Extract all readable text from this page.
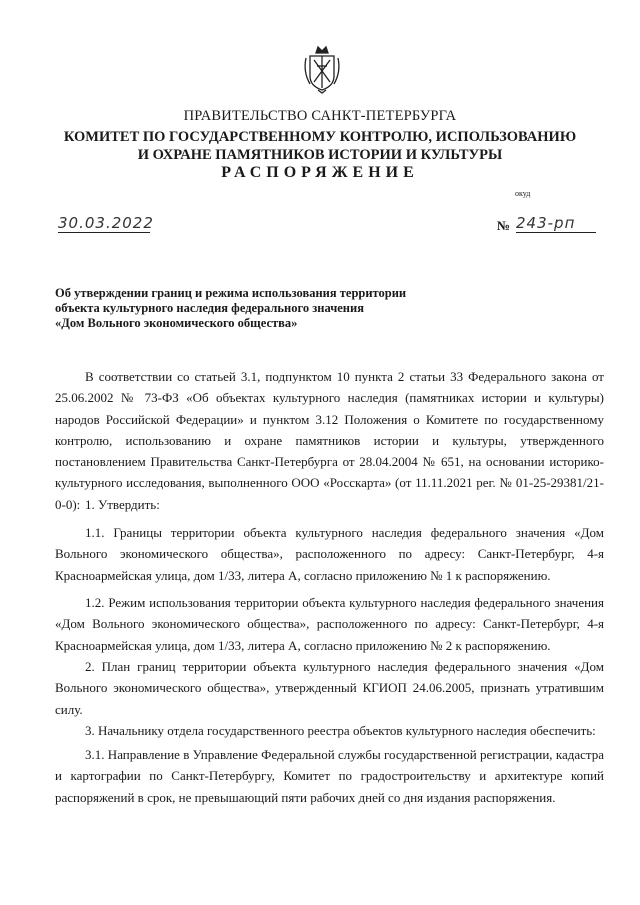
ПРАВИТЕЛЬСТВО САНКТ-ПЕТЕРБУРГА
КОМИТЕТ ПО ГОСУДАРСТВЕННОМУ КОНТРОЛЮ, ИСПОЛЬЗОВАНИЮ
И ОХРАНЕ ПАМЯТНИКОВ ИСТОРИИ И КУЛЬТУРЫ
РАСПОРЯЖЕНИЕ
окуд
30.03.2022	№ 243-рп
Об утверждении границ и режима использования территории
объекта культурного наследия федерального значения
«Дом Вольного экономического общества»
В соответствии со статьей 3.1, подпунктом 10 пункта 2 статьи 33 Федерального закона от 25.06.2002 № 73-ФЗ «Об объектах культурного наследия (памятниках истории и культуры) народов Российской Федерации» и пунктом 3.12 Положения о Комитете по государственному контролю, использованию и охране памятников истории и культуры, утвержденного постановлением Правительства Санкт-Петербурга от 28.04.2004 № 651, на основании историко-культурного исследования, выполненного ООО «Росскарта» (от 11.11.2021 рег. № 01-25-29381/21-0-0): 1. Утвердить:
1.1. Границы территории объекта культурного наследия федерального значения «Дом Вольного экономического общества», расположенного по адресу: Санкт-Петербург, 4-я Красноармейская улица, дом 1/33, литера А, согласно приложению № 1 к распоряжению.
1.2. Режим использования территории объекта культурного наследия федерального значения «Дом Вольного экономического общества», расположенного по адресу: Санкт-Петербург, 4-я Красноармейская улица, дом 1/33, литера А, согласно приложению № 2 к распоряжению.
2. План границ территории объекта культурного наследия федерального значения «Дом Вольного экономического общества», утвержденный КГИОП 24.06.2005, признать утратившим силу.
3. Начальнику отдела государственного реестра объектов культурного наследия обеспечить:
3.1. Направление в Управление Федеральной службы государственной регистрации, кадастра и картографии по Санкт-Петербургу, Комитет по градостроительству и архитектуре копий распоряжений в срок, не превышающий пяти рабочих дней со дня издания распоряжения.
